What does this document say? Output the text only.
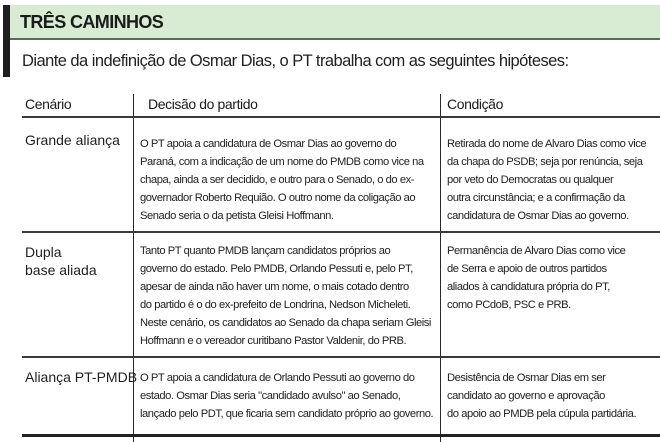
TRÊS CAMINHOS
Diante da indefinição de Osmar Dias, o PT trabalha com as seguintes hipóteses:
Cenário	Decisão do partido	Condição
Grande aliança O PT apoia a candidatura de Osmar Dias ao governo do
Paraná, com a indicação de um nome do PMDB como vice na
chapa, ainda a ser decidido, e outro para o Senado, o do ex-
governador Roberto Requião. O outro nome da coligação ao
Senado seria o da petista Gleisi Hoffmann.
Retirada do nome de Alvaro Dias como vice
da chapa do PSDB; seja por renúncia, seja
por veto do Democratas ou qualquer
outra circunstância; e a confirmação da
candidatura de Osmar Dias ao governo.
Dupla
base aliada
Tanto PT quanto PMDB lançam candidatos próprios ao
governo do estado. Pelo PMDB, Orlando Pessuti e, pelo PT,
apesar de ainda não haver um nome, o mais cotado dentro
do partido é o do ex-prefeito de Londrina, Nedson Micheleti.
Neste cenário, os candidatos ao Senado da chapa seriam Gleisi
Hoffmann e o vereador curitibano Pastor Valdenir, do PRB.
Permanência de Alvaro Dias como vice
de Serra e apoio de outros partidos
aliados à candidatura própria do PT,
como PCdoB, PSC e PRB.
Aliança PT-PMDB O PT apoia a candidatura de Orlando Pessuti ao governo do
estado. Osmar Dias seria "candidado avulso" ao Senado,
lançado pelo PDT, que ficaria sem candidato próprio ao governo.
Desistência de Osmar Dias em ser
candidato ao governo e aprovação
do apoio ao PMDB pela cúpula partidária.
